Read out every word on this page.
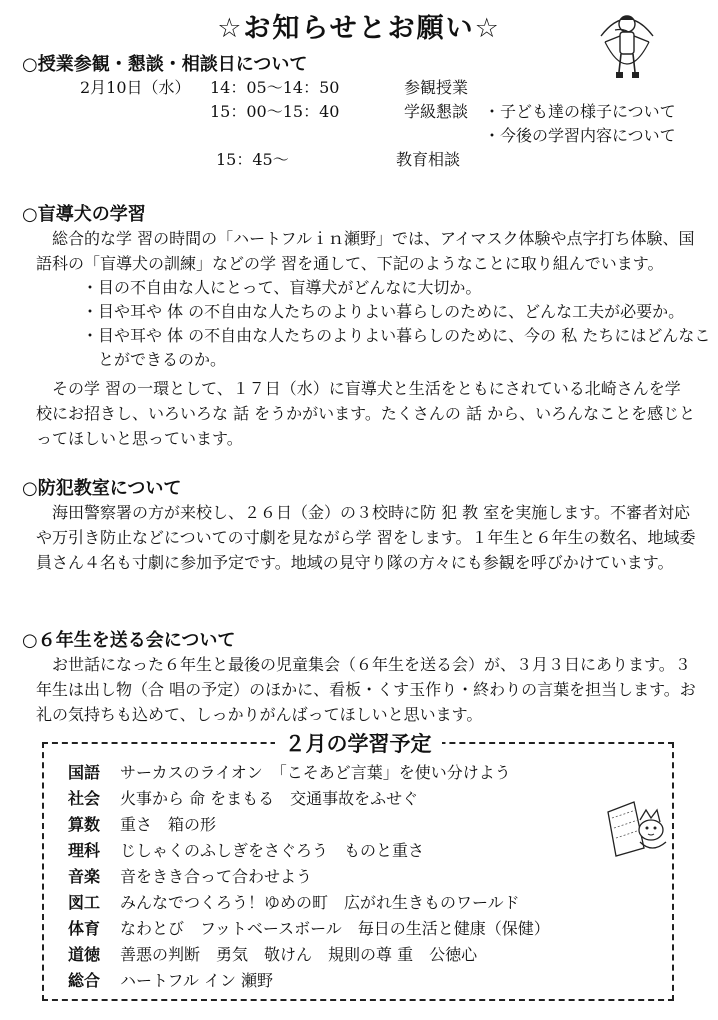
☆お知らせとお願い☆
○授業参観・懇談・相談日について
2月10日（水） 14：05～14：50	参観授業
15：00～15：40	学級懇談 ・子ども達の様子について
・今後の学習内容について
15：45～	教育相談
○盲導犬の学習

総合的な学 習の時間の「ハートフルｉｎ瀬野」では、アイマスク体験や点字打ち体験、国語科の「盲導犬の訓練」などの学 習を通して、下記のようなことに取り組んでいます。

・目の不自由な人にとって、盲導犬がどんなに大切か。
・目や耳や 体 の不自由な人たちのよりよい暮らしのために、どんな工夫が必要か。
・目や耳や 体 の不自由な人たちのよりよい暮らしのために、今の 私 たちにはどんなことができるのか。

その学 習の一環として、１７日（水）に盲導犬と生活をともにされている北崎さんを学校にお招きし、いろいろな 話 をうかがいます。たくさんの 話 から、いろんなことを感じとってほしいと思っています。

○防犯教室について

海田警察署の方が来校し、２６日（金）の３校時に防 犯 教 室を実施します。不審者対応や万引き防止などについての寸劇を見ながら学 習をします。１年生と６年生の数名、地域委員さん４名も寸劇に参加予定です。地域の見守り隊の方々にも参観を呼びかけています。

○６年生を送る会について

お世話になった６年生と最後の児童集会（６年生を送る会）が、３月３日にあります。３年生は出し物（合 唱の予定）のほかに、看板・くす玉作り・終わりの言葉を担当します。お礼の気持ちも込めて、しっかりがんばってほしいと思います。

２月の学習予定
国語 サーカスのライオン　「こそあど言葉」を使い分けよう
社会 火事から 命 をまもる　交通事故をふせぐ
算数 重さ　箱の形
理科 じしゃくのふしぎをさぐろう　ものと重さ
音楽 音をきき合って合わせよう
図工 みんなでつくろう！ゆめの町　広がれ生きものワールド
体育 なわとび　フットベースボール　毎日の生活と健康（保健）
道徳 善悪の判断　勇気　敬けん　規則の尊 重　公徳心
総合 ハートフル イン 瀬野
